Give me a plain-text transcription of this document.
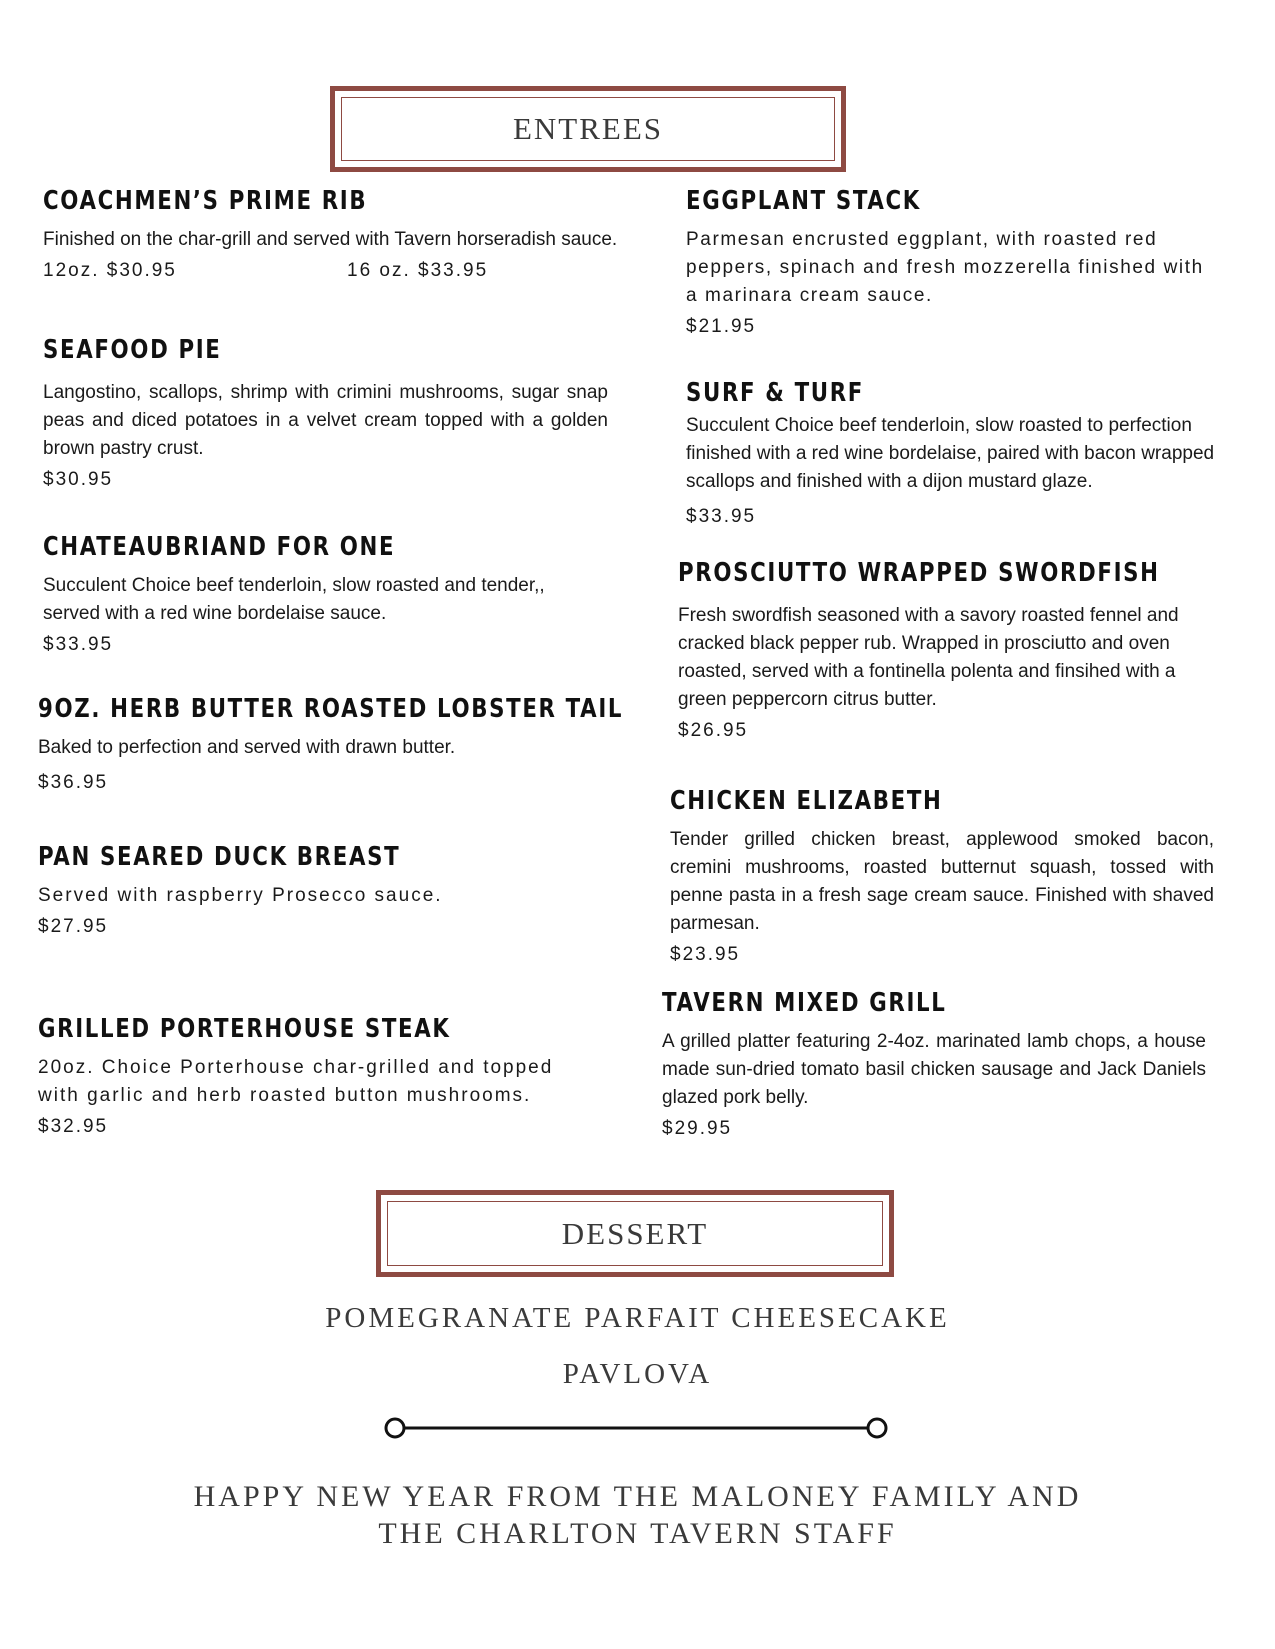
ENTREES
COACHMEN’S PRIME RIB

Finished on the char-grill and served with Tavern horseradish sauce.

12oz. $30.95	16 oz. $33.95
SEAFOOD PIE

Langostino, scallops, shrimp with crimini mushrooms, sugar snap peas and diced potatoes in a velvet cream topped with a golden brown pastry crust.

$30.95
CHATEAUBRIAND FOR ONE

Succulent Choice beef tenderloin, slow roasted and tender,, served with a red wine bordelaise sauce.

$33.95
9OZ. HERB BUTTER ROASTED LOBSTER TAIL

Baked to perfection and served with drawn butter.

$36.95
PAN SEARED DUCK BREAST

Served with raspberry Prosecco sauce.

$27.95
GRILLED PORTERHOUSE STEAK

20oz. Choice Porterhouse char-grilled and topped with garlic and herb roasted button mushrooms.

$32.95
EGGPLANT STACK

Parmesan encrusted eggplant, with roasted red peppers, spinach and fresh mozzerella finished with a marinara cream sauce.

$21.95
SURF & TURF

Succulent Choice beef tenderloin, slow roasted to perfection finished with a red wine bordelaise, paired with bacon wrapped scallops and finished with a dijon mustard glaze.

$33.95
PROSCIUTTO WRAPPED SWORDFISH

Fresh swordfish seasoned with a savory roasted fennel and cracked black pepper rub. Wrapped in prosciutto and oven roasted, served with a fontinella polenta and finsihed with a green peppercorn citrus butter.

$26.95
CHICKEN ELIZABETH

Tender grilled chicken breast, applewood smoked bacon, cremini mushrooms, roasted butternut squash, tossed with penne pasta in a fresh sage cream sauce. Finished with shaved parmesan.

$23.95
TAVERN MIXED GRILL

A grilled platter featuring 2-4oz. marinated lamb chops, a house made sun-dried tomato basil chicken sausage and Jack Daniels glazed pork belly.

$29.95
DESSERT
POMEGRANATE PARFAIT CHEESECAKE
PAVLOVA
HAPPY NEW YEAR FROM THE MALONEY FAMILY AND THE CHARLTON TAVERN STAFF
